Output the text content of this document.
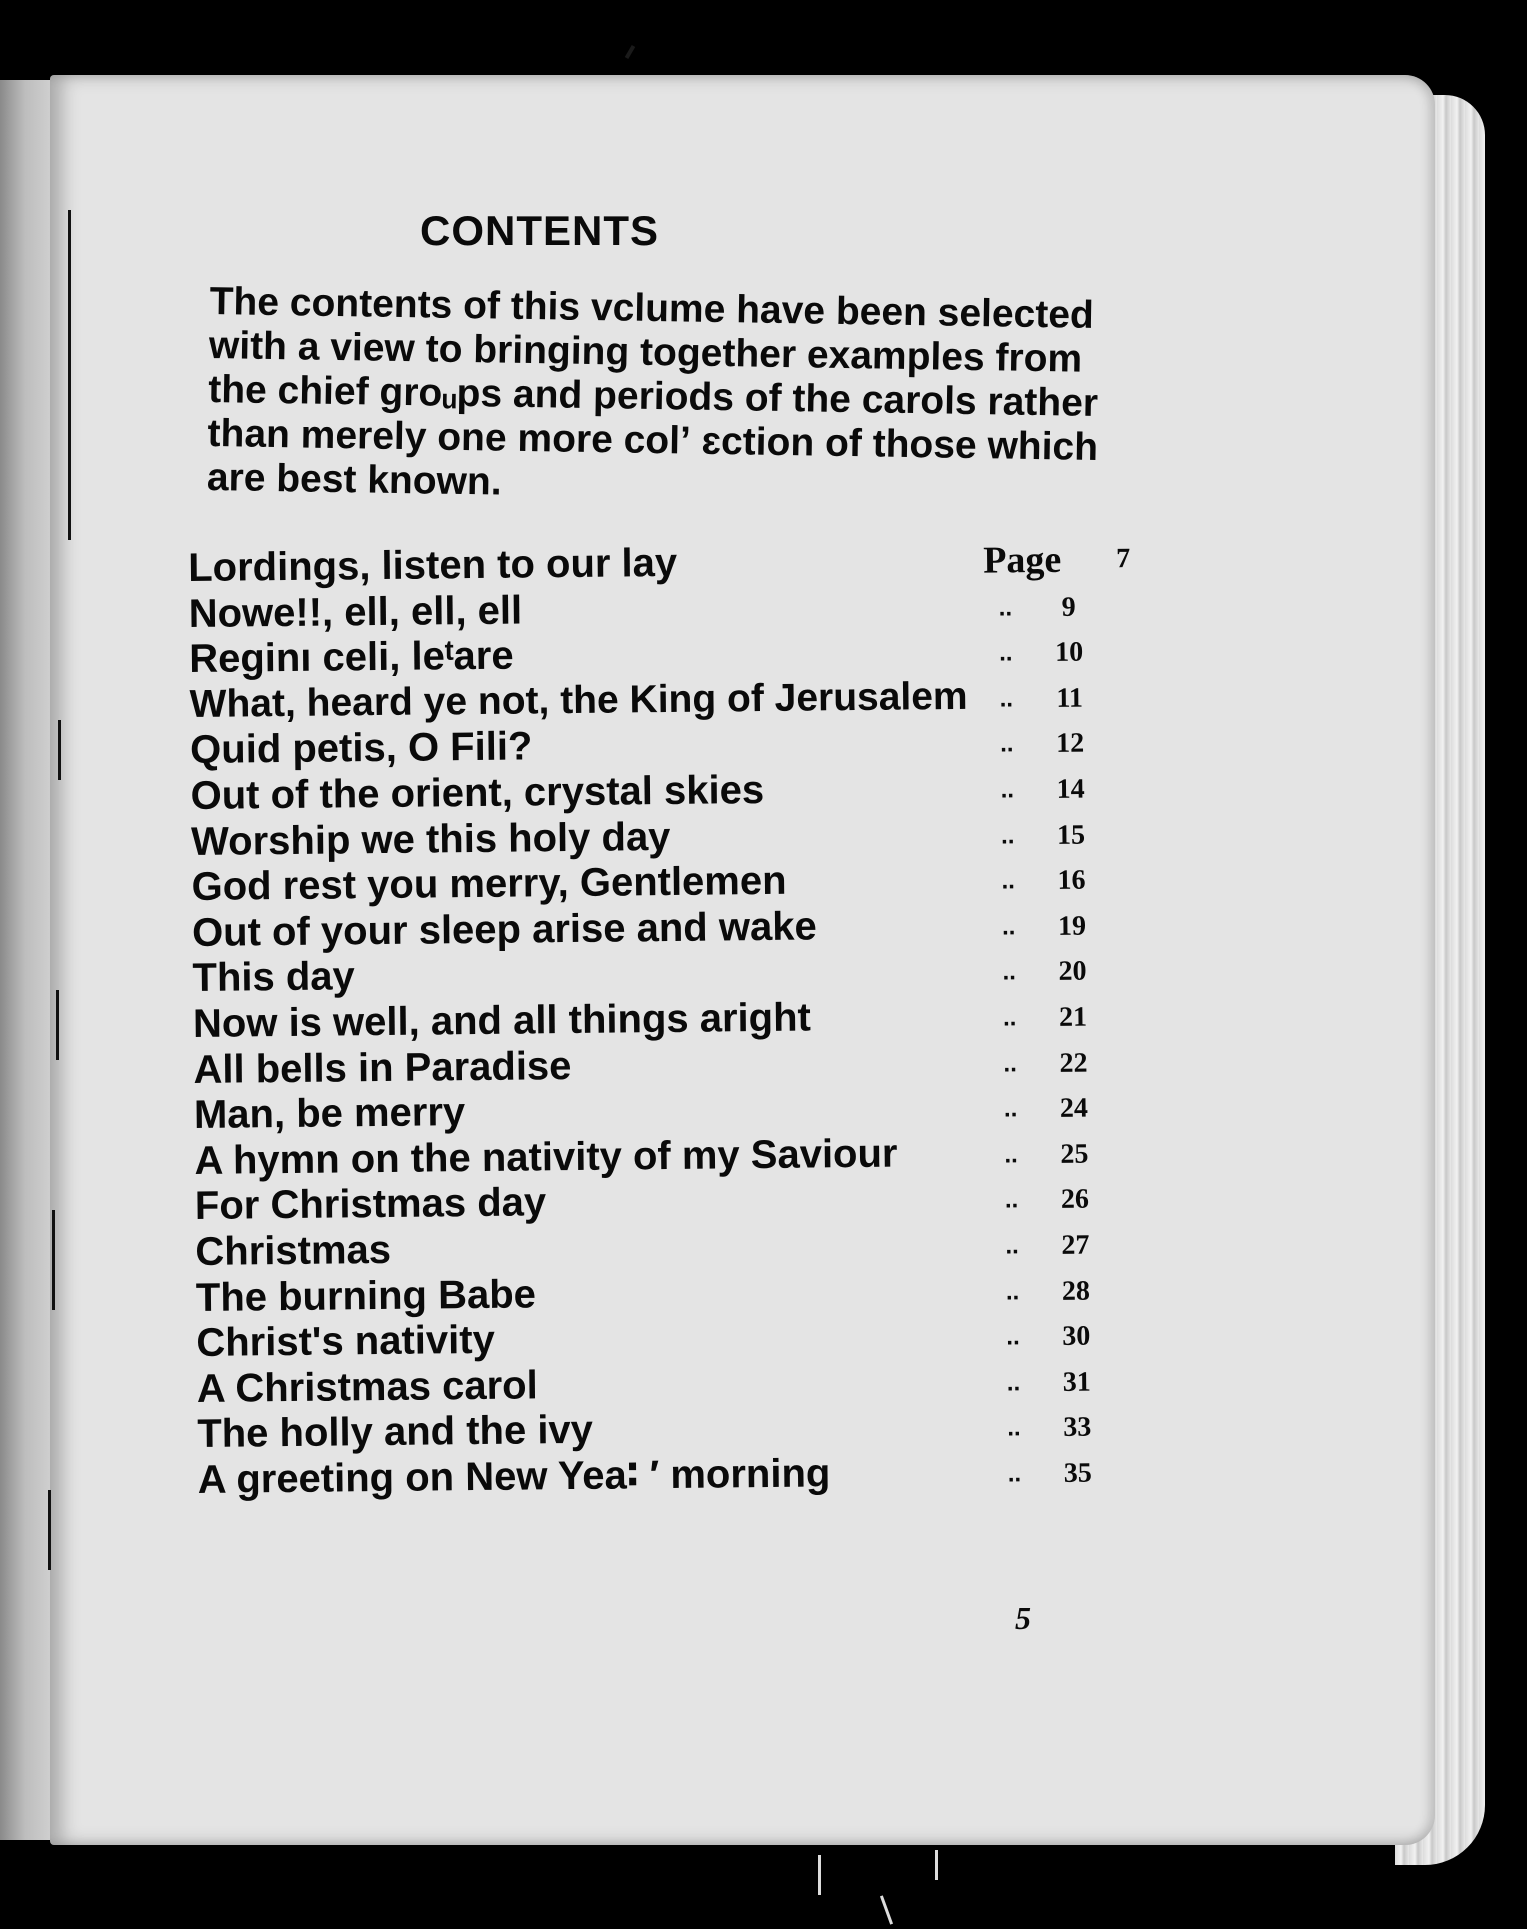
CONTENTS
The contents of this vclume have been selected with a view to bringing together examples from the chief groᵤps and periods of the carols rather than merely one more colʼ ɛction of those which are best known.
Lordings, listen to our lay	Page	7
Nowe!!, ell, ell, ell	..	9
Reginı celi, leᵗare	..	10
What, heard ye not, the King of Jerusalem ..	11
Quid petis, O Fili?	..	12
Out of the orient, crystal skies	..	14
Worship we this holy day	..	15
God rest you merry, Gentlemen	..	16
Out of your sleep arise and wake	..	19
This day	..	20
Now is well, and all things aright	..	21
All bells in Paradise	..	22
Man, be merry	..	24
A hymn on the nativity of my Saviour	..	25
For Christmas day	..	26
Christmas	..	27
The burning Babe	..	28
Christ's nativity	..	30
A Christmas carol	..	31
The holly and the ivy	..	33
A greeting on New Yea∶ ′ morning	..	35
5
